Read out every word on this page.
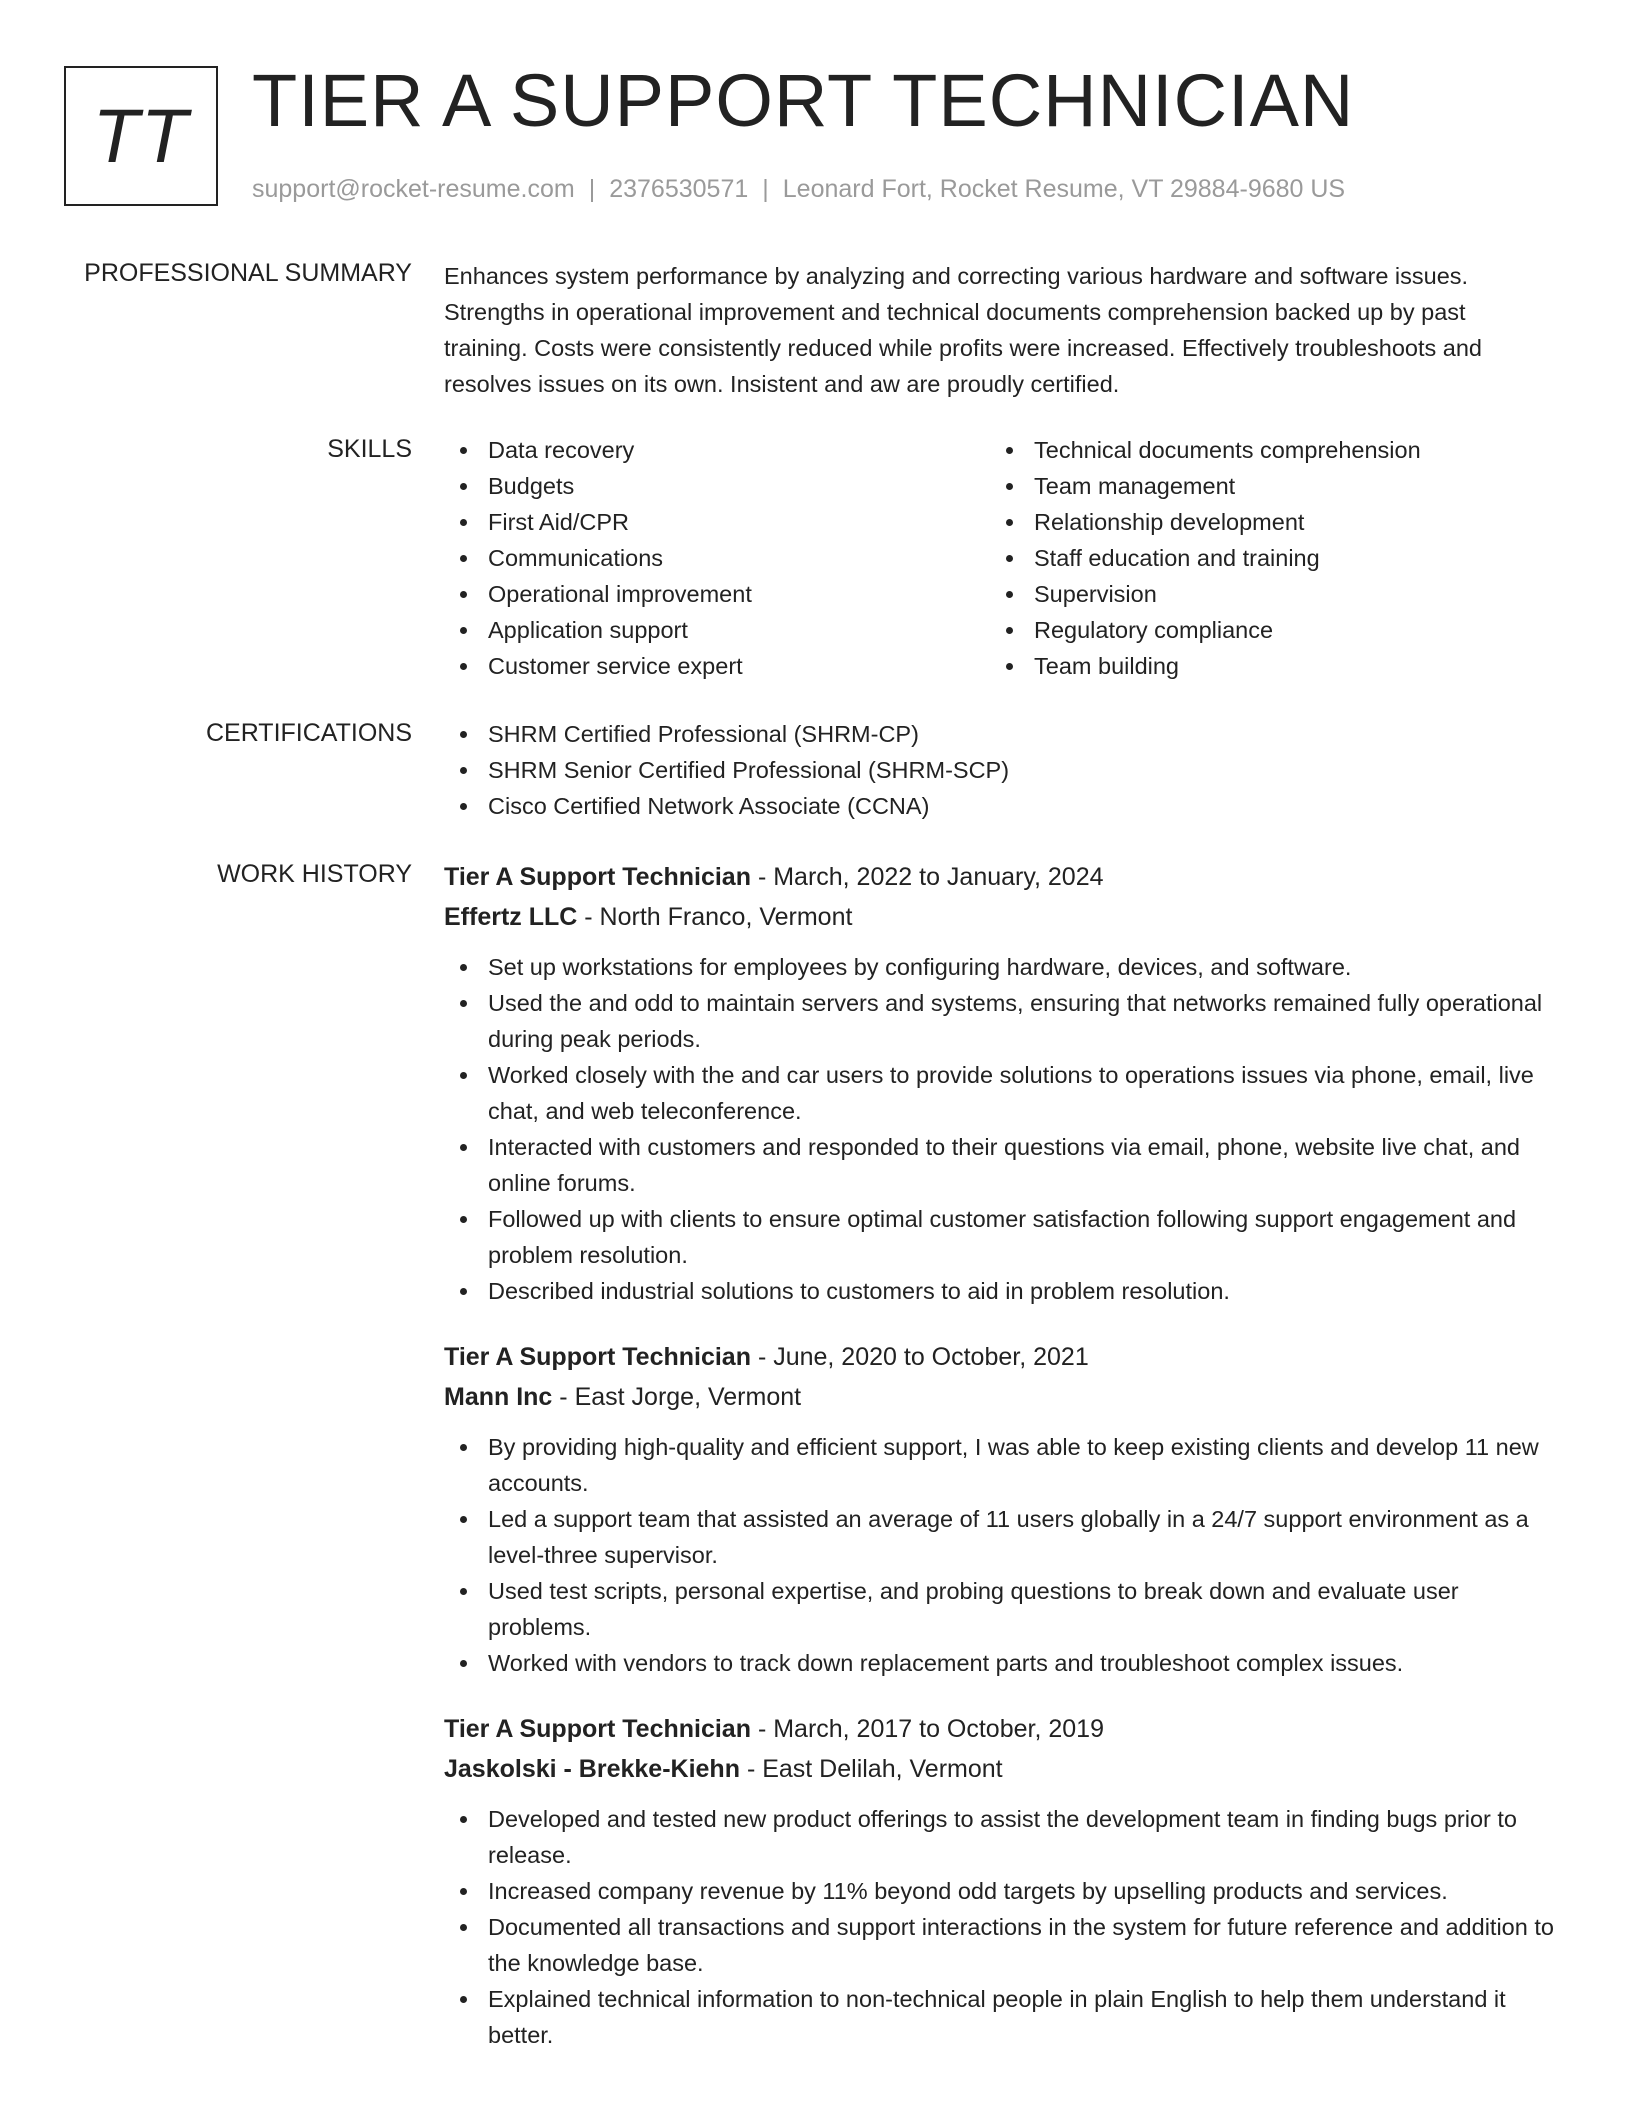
TT TIER A SUPPORT TECHNICIAN
support@rocket-resume.com | 2376530571 | Leonard Fort, Rocket Resume, VT 29884-9680 US
PROFESSIONAL SUMMARY Enhances system performance by analyzing and correcting various hardware and software issues. Strengths in operational improvement and technical documents comprehension backed up by past training. Costs were consistently reduced while profits were increased. Effectively troubleshoots and resolves issues on its own. Insistent and aw are proudly certified.

SKILLS	Data recovery
Budgets
First Aid/CPR
Communications
Operational improvement
Application support
Customer service expert
Technical documents comprehension
Team management
Relationship development
Staff education and training
Supervision
Regulatory compliance
Team building
CERTIFICATIONS	SHRM Certified Professional (SHRM-CP)
SHRM Senior Certified Professional (SHRM-SCP)
Cisco Certified Network Associate (CCNA)
WORK HISTORY Tier A Support Technician - March, 2022 to January, 2024
Effertz LLC - North Franco, Vermont
Set up workstations for employees by configuring hardware, devices, and software.
Used the and odd to maintain servers and systems, ensuring that networks remained fully operational during peak periods.
Worked closely with the and car users to provide solutions to operations issues via phone, email, live chat, and web teleconference.
Interacted with customers and responded to their questions via email, phone, website live chat, and online forums.
Followed up with clients to ensure optimal customer satisfaction following support engagement and problem resolution.
Described industrial solutions to customers to aid in problem resolution.
Tier A Support Technician - June, 2020 to October, 2021
Mann Inc - East Jorge, Vermont
By providing high-quality and efficient support, I was able to keep existing clients and develop 11 new accounts.
Led a support team that assisted an average of 11 users globally in a 24/7 support environment as a level-three supervisor.
Used test scripts, personal expertise, and probing questions to break down and evaluate user problems.
Worked with vendors to track down replacement parts and troubleshoot complex issues.
Tier A Support Technician - March, 2017 to October, 2019
Jaskolski - Brekke-Kiehn - East Delilah, Vermont
Developed and tested new product offerings to assist the development team in finding bugs prior to release.
Increased company revenue by 11% beyond odd targets by upselling products and services.
Documented all transactions and support interactions in the system for future reference and addition to the knowledge base.
Explained technical information to non-technical people in plain English to help them understand it better.
